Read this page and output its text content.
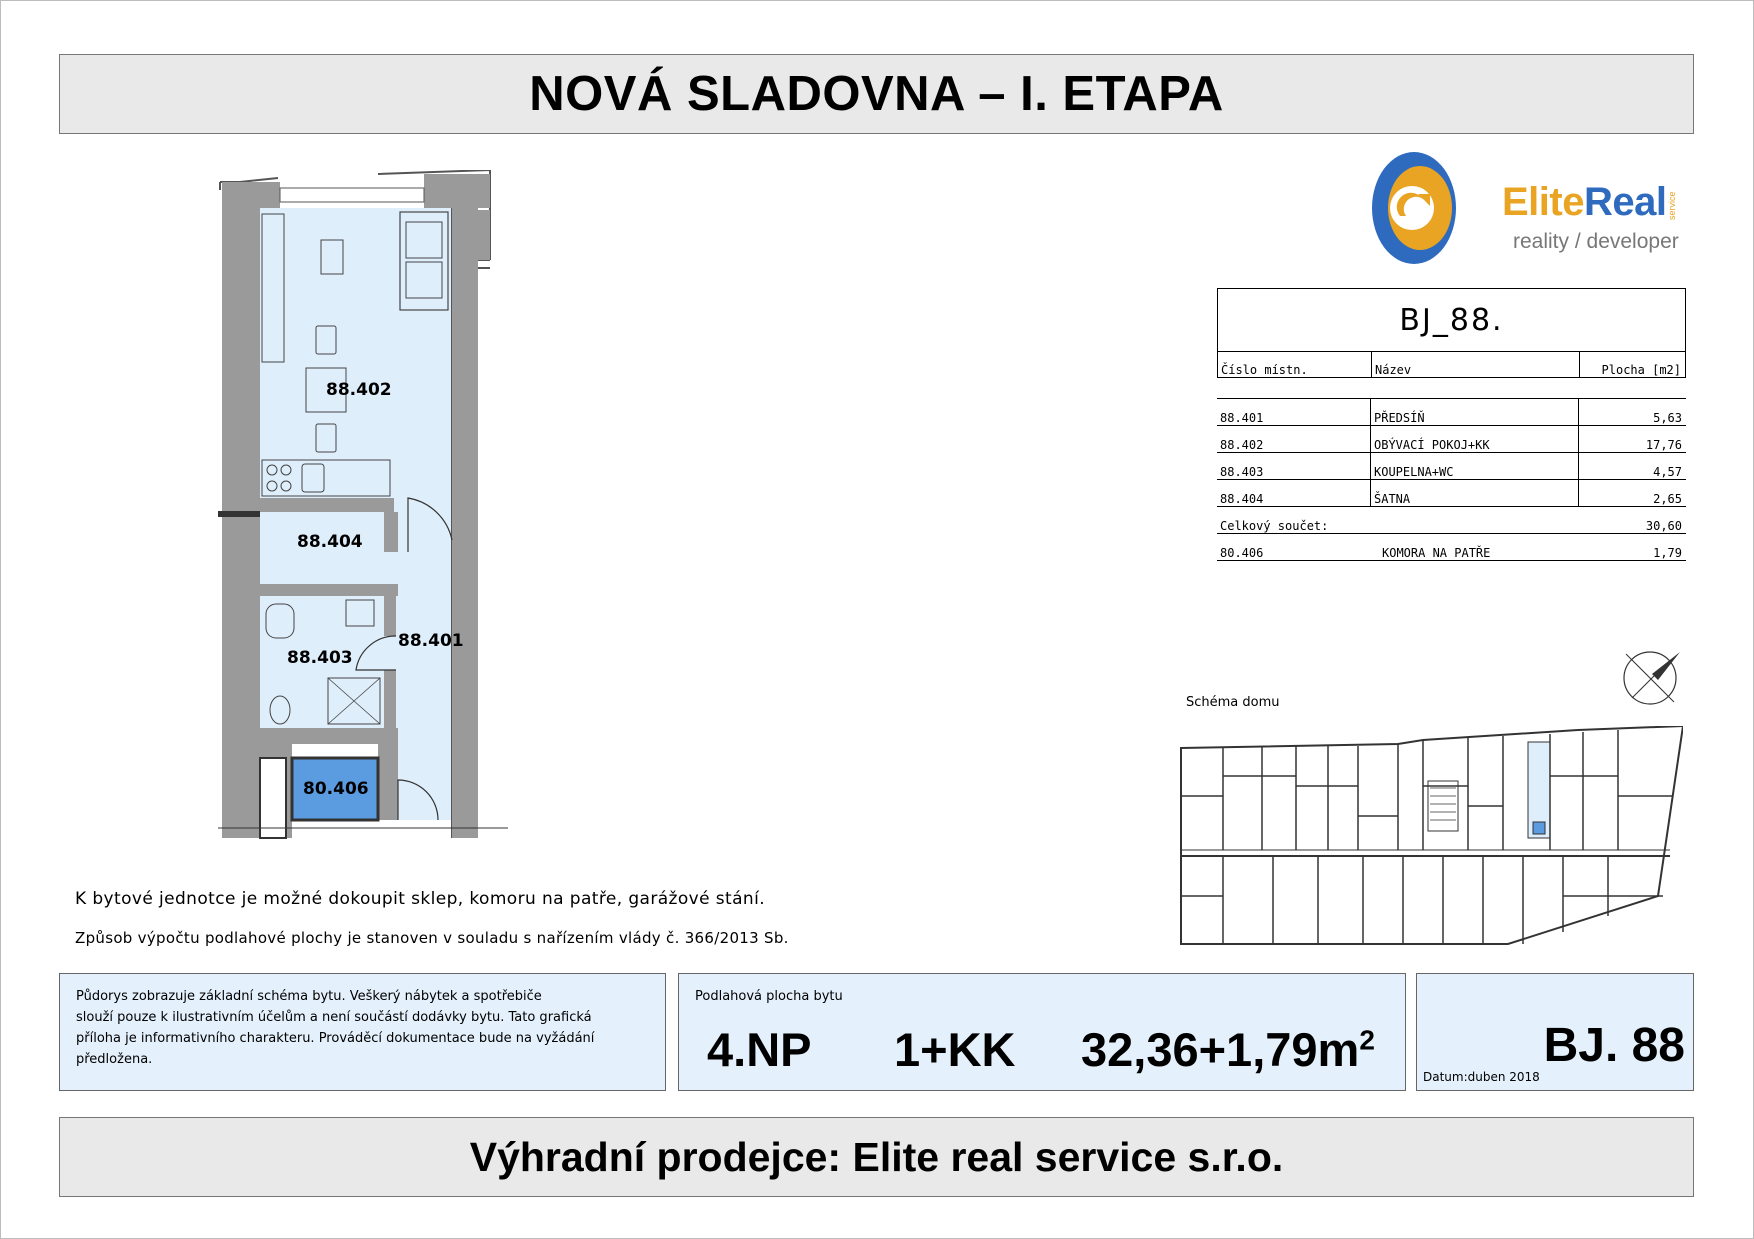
NOVÁ SLADOVNA – I. ETAPA
88.402
88.404
88.403
88.401
80.406
EliteReal service
reality / developer
BJ_88.
Číslo místn.	Název	Plocha [m2]
88.401	PŘEDSÍŇ	5,63
88.402	OBÝVACÍ POKOJ+KK	17,76
88.403	KOUPELNA+WC	4,57
88.404	ŠATNA	2,65
Celkový součet:	30,60
80.406	KOMORA NA PATŘE	1,79
Schéma domu
K bytové jednotce je možné dokoupit sklep, komoru na patře, garážové stání.
Způsob výpočtu podlahové plochy je stanoven v souladu s nařízením vlády č. 366/2013 Sb.
Půdorys zobrazuje základní schéma bytu. Veškerý nábytek a spotřebiče
slouží pouze k ilustrativním účelům a není součástí dodávky bytu. Tato grafická
příloha je informativního charakteru. Prováděcí dokumentace bude na vyžádání
předložena.
Podlahová plocha bytu
4.NP 1+KK $32,36+1,79m^2$	BJ. 88
Datum:duben 2018
Výhradní prodejce: Elite real service s.r.o.
